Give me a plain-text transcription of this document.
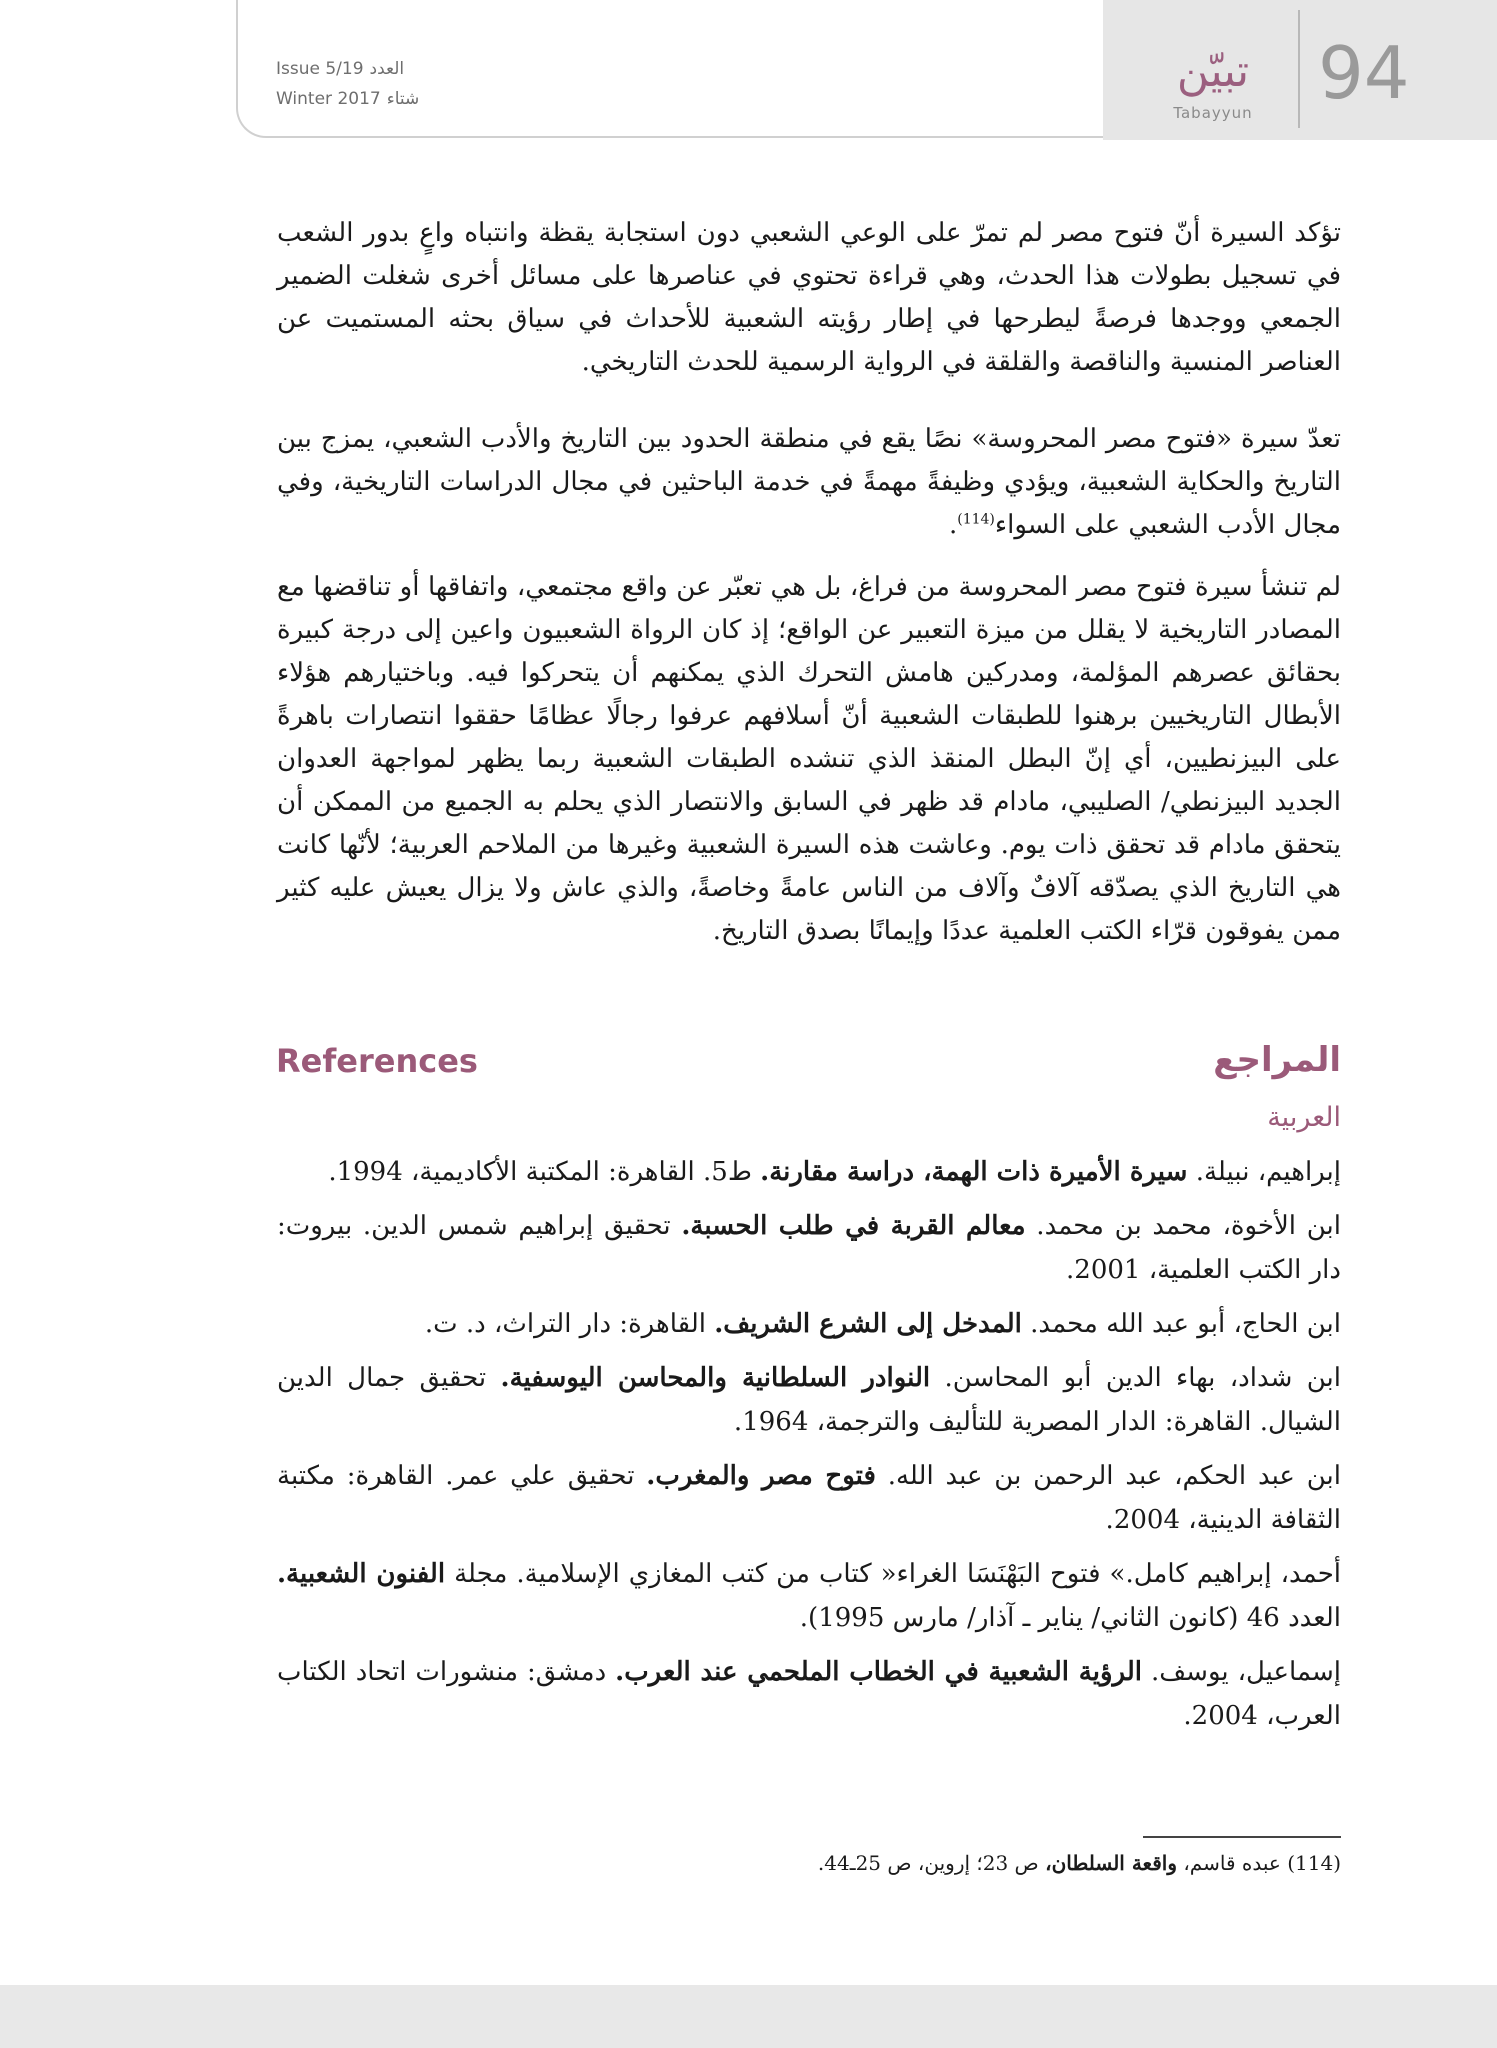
94
تبيّن
Tabayyun
Issue 5/19 العدد
Winter 2017 شتاء
تؤكد السيرة أنّ فتوح مصر لم تمرّ على الوعي الشعبي دون استجابة يقظة وانتباه واعٍ بدور الشعب في تسجيل بطولات هذا الحدث، وهي قراءة تحتوي في عناصرها على مسائل أخرى شغلت الضمير الجمعي ووجدها فرصةً ليطرحها في إطار رؤيته الشعبية للأحداث في سياق بحثه المستميت عن العناصر المنسية والناقصة والقلقة في الرواية الرسمية للحدث التاريخي.
تعدّ سيرة «فتوح مصر المحروسة» نصًا يقع في منطقة الحدود بين التاريخ والأدب الشعبي، يمزج بين التاريخ والحكاية الشعبية، ويؤدي وظيفةً مهمةً في خدمة الباحثين في مجال الدراسات التاريخية، وفي مجال الأدب الشعبي على السواء$^{(114)}$.
لم تنشأ سيرة فتوح مصر المحروسة من فراغ، بل هي تعبّر عن واقع مجتمعي، واتفاقها أو تناقضها مع المصادر التاريخية لا يقلل من ميزة التعبير عن الواقع؛ إذ كان الرواة الشعبيون واعين إلى درجة كبيرة بحقائق عصرهم المؤلمة، ومدركين هامش التحرك الذي يمكنهم أن يتحركوا فيه. وباختيارهم هؤلاء الأبطال التاريخيين برهنوا للطبقات الشعبية أنّ أسلافهم عرفوا رجالًا عظامًا حققوا انتصارات باهرةً على البيزنطيين، أي إنّ البطل المنقذ الذي تنشده الطبقات الشعبية ربما يظهر لمواجهة العدوان الجديد البيزنطي/ الصليبي، مادام قد ظهر في السابق والانتصار الذي يحلم به الجميع من الممكن أن يتحقق مادام قد تحقق ذات يوم. وعاشت هذه السيرة الشعبية وغيرها من الملاحم العربية؛ لأنّها كانت هي التاريخ الذي يصدّقه آلافٌ وآلاف من الناس عامةً وخاصةً، والذي عاش ولا يزال يعيش عليه كثير ممن يفوقون قرّاء الكتب العلمية عددًا وإيمانًا بصدق التاريخ.
References	المراجع
العربية

إبراهيم، نبيلة. سيرة الأميرة ذات الهمة، دراسة مقارنة. ط5. القاهرة: المكتبة الأكاديمية، 1994.

ابن الأخوة، محمد بن محمد. معالم القربة في طلب الحسبة. تحقيق إبراهيم شمس الدين. بيروت: دار الكتب العلمية، 2001.

ابن الحاج، أبو عبد الله محمد. المدخل إلى الشرع الشريف. القاهرة: دار التراث، د. ت.

ابن شداد، بهاء الدين أبو المحاسن. النوادر السلطانية والمحاسن اليوسفية. تحقيق جمال الدين الشيال. القاهرة: الدار المصرية للتأليف والترجمة، 1964.

ابن عبد الحكم، عبد الرحمن بن عبد الله. فتوح مصر والمغرب. تحقيق علي عمر. القاهرة: مكتبة الثقافة الدينية، 2004.

أحمد، إبراهيم كامل.» فتوح البَهْنَسَا الغراء« كتاب من كتب المغازي الإسلامية. مجلة الفنون الشعبية. العدد 46 (كانون الثاني/ يناير ـ آذار/ مارس 1995).

إسماعيل، يوسف. الرؤية الشعبية في الخطاب الملحمي عند العرب. دمشق: منشورات اتحاد الكتاب العرب، 2004.

(114) عبده قاسم، واقعة السلطان، ص 23؛ إروين، ص 25ـ44.
